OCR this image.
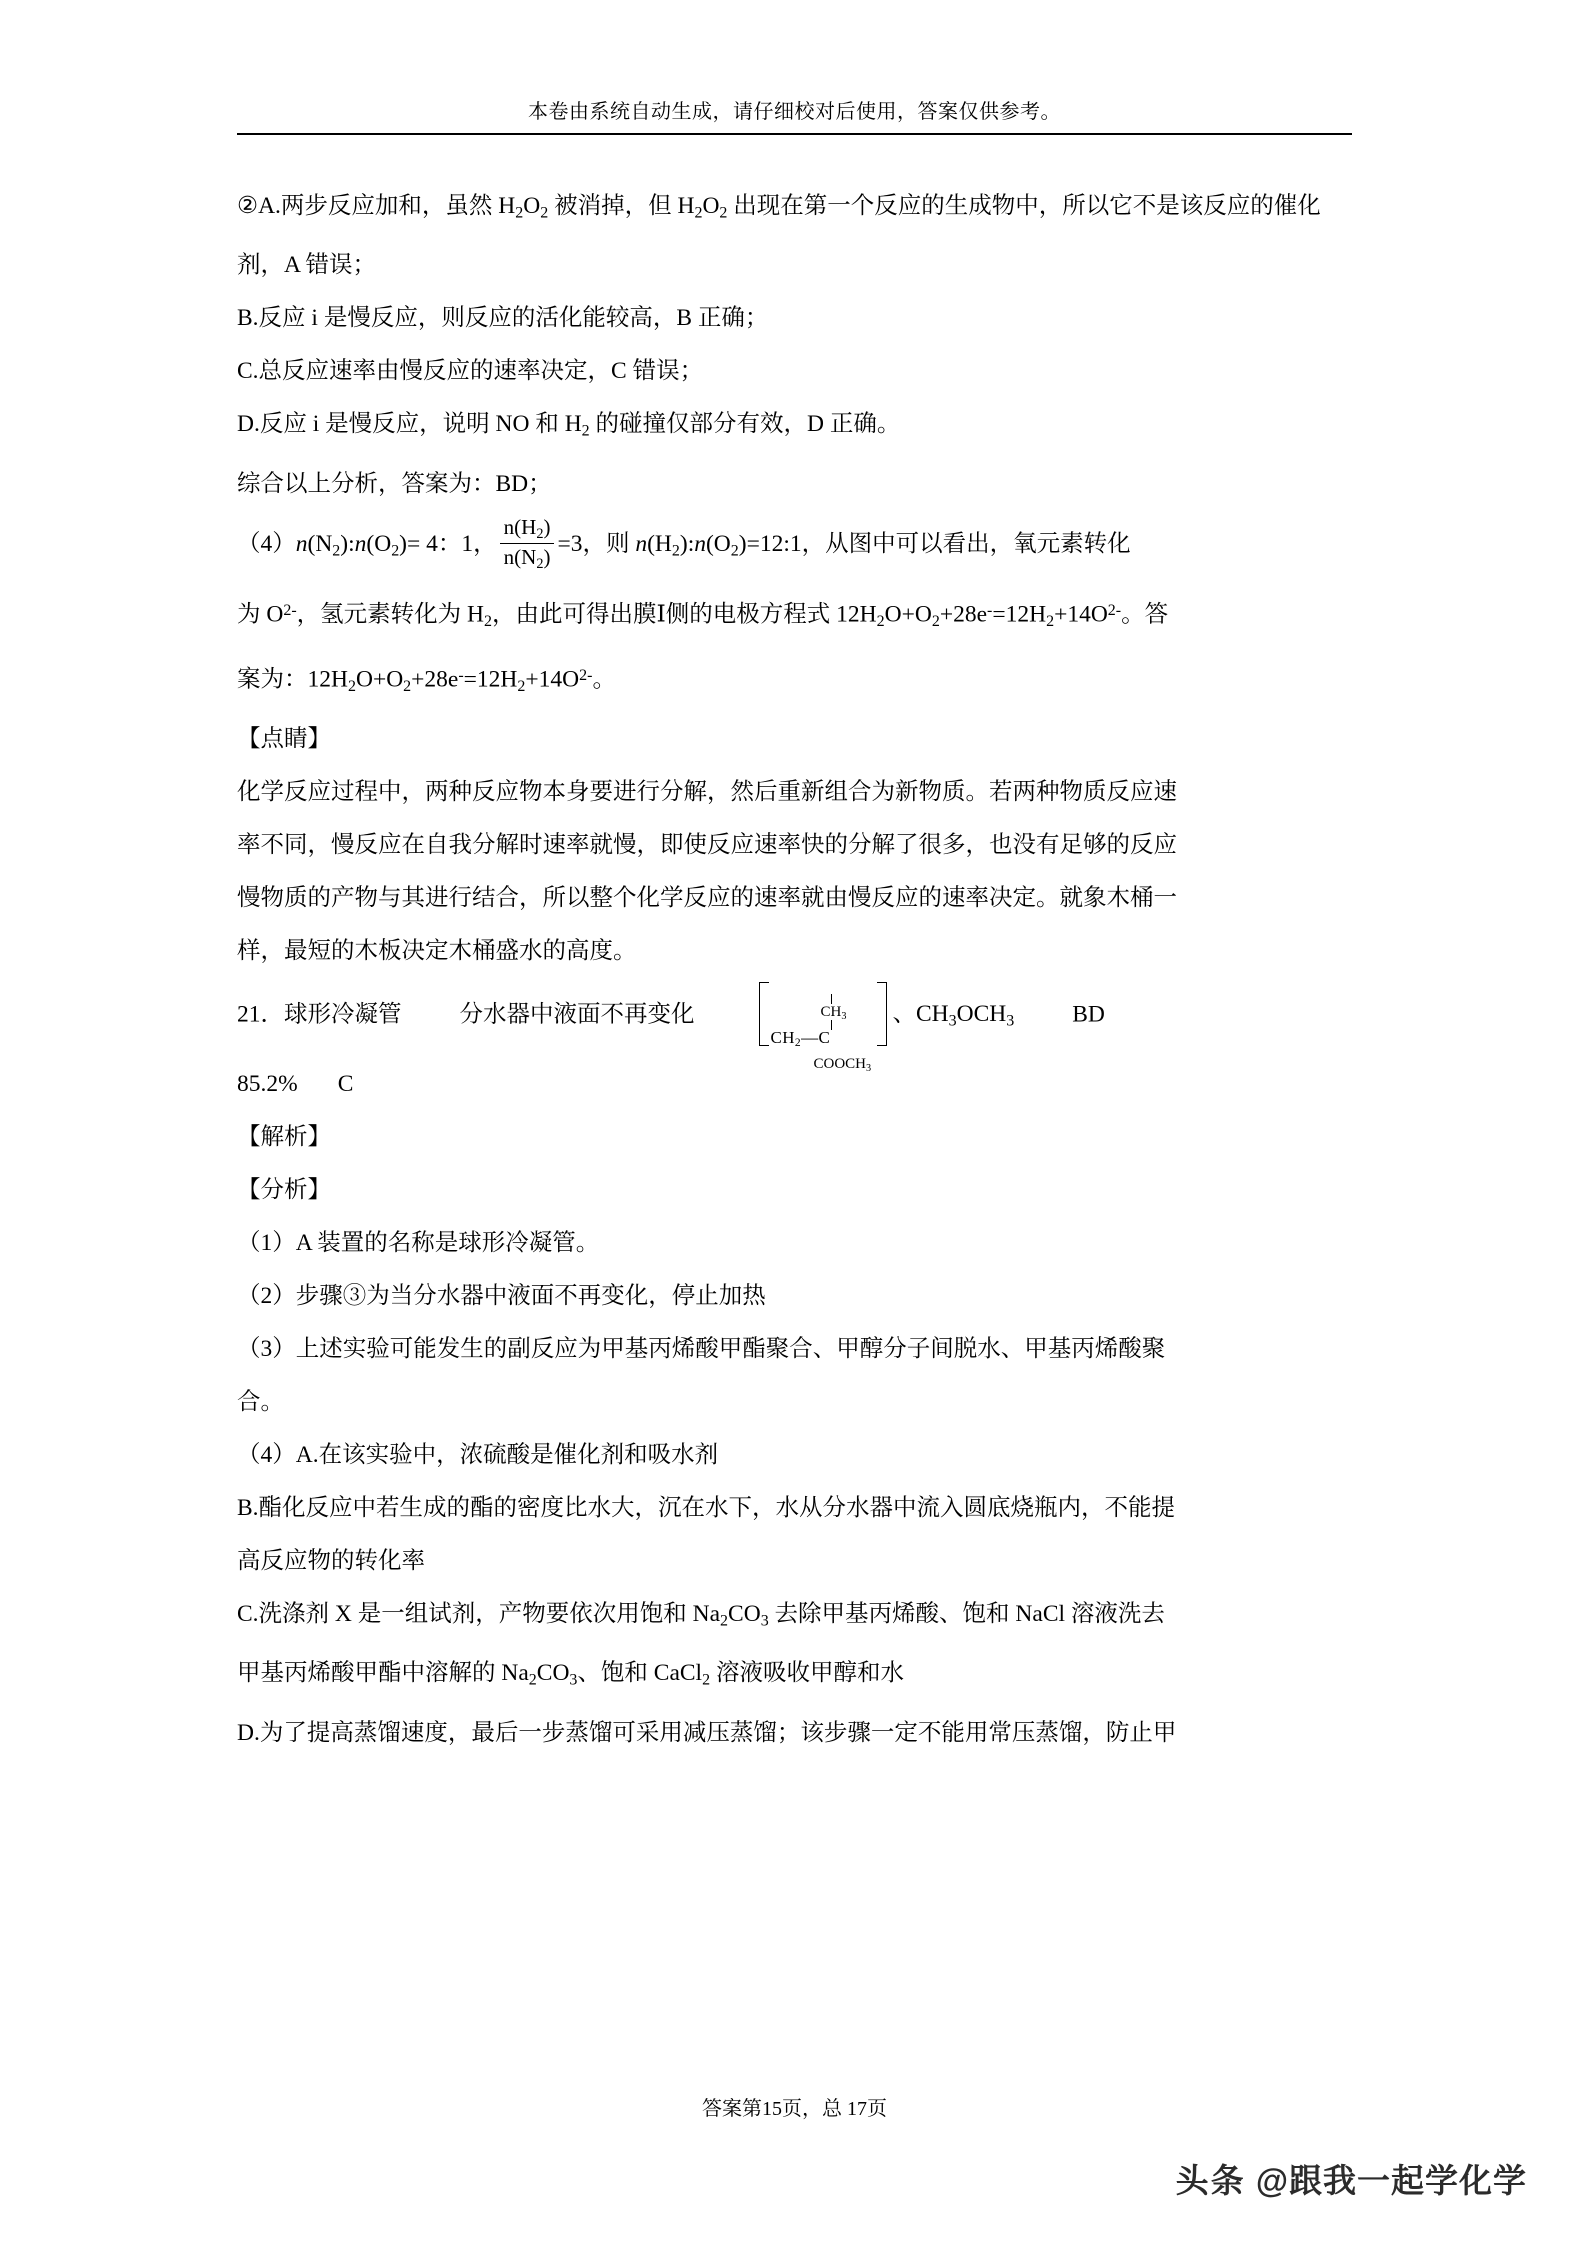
本卷由系统自动生成，请仔细校对后使用，答案仅供参考。

②A.两步反应加和，虽然 $H_2O_2$ 被消掉，但 $H_2O_2$ 出现在第一个反应的生成物中，所以它不是该反应的催化剂，A 错误；

B.反应 i 是慢反应，则反应的活化能较高，B 正确；

C.总反应速率由慢反应的速率决定，C 错误；

D.反应 i 是慢反应，说明 NO 和 $H_2$ 的碰撞仅部分有效，D 正确。

综合以上分析，答案为：BD；

$(4)n(N_2):n(O_2)= 4$：1， $\frac{n(H_2)}{n(N_2)} =3$，则 $n(H_2):n(O_2)=12:1$，从图中可以看出，氧元素转化

为 $O^{2-}$，氢元素转化为 $H_2$，由此可得出膜Ⅰ侧的电极方程式 $12H_2O+O_2+28e^-=12H_2+14O^{2-}$。答

案为：$12H_2O+O_2+28e^-=12H_2+14O^{2-}$。

【点睛】

化学反应过程中，两种反应物本身要进行分解，然后重新组合为新物质。若两种物质反应速

率不同，慢反应在自我分解时速率就慢，即使反应速率快的分解了很多，也没有足够的反应

慢物质的产物与其进行结合，所以整个化学反应的速率就由慢反应的速率决定。就象木桶一

样，最短的木板决定木桶盛水的高度。

21．球形冷凝管 分水器中液面不再变化	$CH_3$
$CH_2—C$
$COOCH_3$
、$CH_3OCH_3$ BD

85.2% C

【解析】

【分析】

（1）A 装置的名称是球形冷凝管。

（2）步骤③为当分水器中液面不再变化，停止加热

（3）上述实验可能发生的副反应为甲基丙烯酸甲酯聚合、甲醇分子间脱水、甲基丙烯酸聚

合。

（4）A.在该实验中，浓硫酸是催化剂和吸水剂

B.酯化反应中若生成的酯的密度比水大，沉在水下，水从分水器中流入圆底烧瓶内，不能提

高反应物的转化率

C.洗涤剂 X 是一组试剂，产物要依次用饱和 $Na_2CO_3$ 去除甲基丙烯酸、饱和 NaCl 溶液洗去

甲基丙烯酸甲酯中溶解的 $Na_2CO_3$、饱和 CaCl$_2$ 溶液吸收甲醇和水

D.为了提高蒸馏速度，最后一步蒸馏可采用减压蒸馏；该步骤一定不能用常压蒸馏，防止甲

答案第15页，总 17页
头条 @跟我一起学化学
